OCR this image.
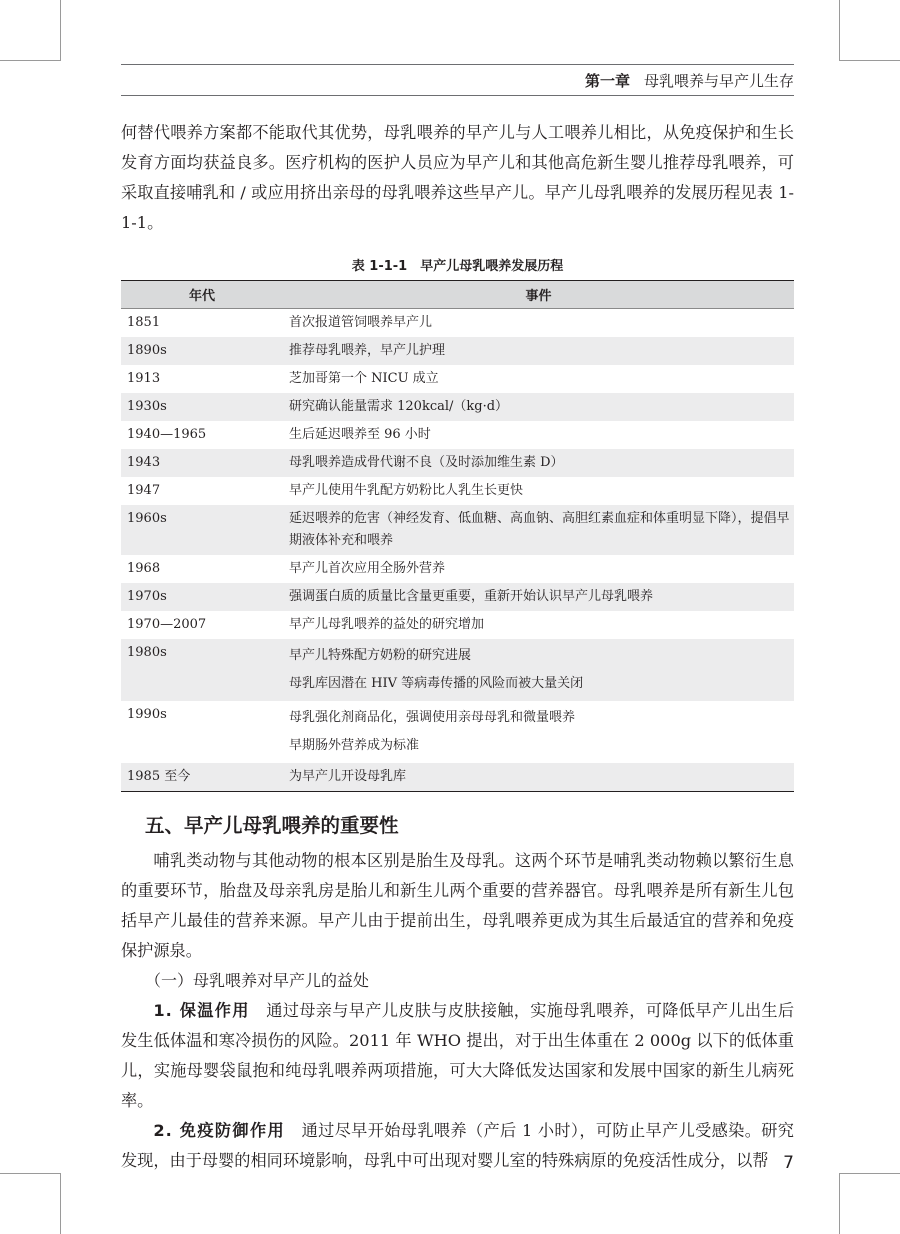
第一章 母乳喂养与早产儿生存

何替代喂养方案都不能取代其优势，母乳喂养的早产儿与人工喂养儿相比，从免疫保护和生长发育方面均获益良多。医疗机构的医护人员应为早产儿和其他高危新生婴儿推荐母乳喂养，可采取直接哺乳和 / 或应用挤出亲母的母乳喂养这些早产儿。早产儿母乳喂养的发展历程见表 1-1-1。

表 1-1-1　早产儿母乳喂养发展历程
年代	事件
1851	首次报道管饲喂养早产儿

1890s	推荐母乳喂养，早产儿护理

1913	芝加哥第一个 NICU 成立

1930s	研究确认能量需求 120kcal/（kg·d）

1940—1965	生后延迟喂养至 96 小时

1943	母乳喂养造成骨代谢不良（及时添加维生素 D）

1947	早产儿使用牛乳配方奶粉比人乳生长更快

1960s	延迟喂养的危害（神经发育、低血糖、高血钠、高胆红素血症和体重明显下降），提倡早期液体补充和喂养

1968	早产儿首次应用全肠外营养

1970s	强调蛋白质的质量比含量更重要，重新开始认识早产儿母乳喂养

1970—2007	早产儿母乳喂养的益处的研究增加

1980s	早产儿特殊配方奶粉的研究进展
母乳库因潜在 HIV 等病毒传播的风险而被大量关闭

1990s	母乳强化剂商品化，强调使用亲母母乳和微量喂养
早期肠外营养成为标准

1985 至今	为早产儿开设母乳库
五、早产儿母乳喂养的重要性

哺乳类动物与其他动物的根本区别是胎生及母乳。这两个环节是哺乳类动物赖以繁衍生息的重要环节，胎盘及母亲乳房是胎儿和新生儿两个重要的营养器官。母乳喂养是所有新生儿包括早产儿最佳的营养来源。早产儿由于提前出生，母乳喂养更成为其生后最适宜的营养和免疫保护源泉。

（一）母乳喂养对早产儿的益处

1. 保温作用　 通过母亲与早产儿皮肤与皮肤接触，实施母乳喂养，可降低早产儿出生后发生低体温和寒冷损伤的风险。2011 年 WHO 提出，对于出生体重在 2 000g 以下的低体重儿，实施母婴袋鼠抱和纯母乳喂养两项措施，可大大降低发达国家和发展中国家的新生儿病死率。

2. 免疫防御作用　 通过尽早开始母乳喂养（产后 1 小时），可防止早产儿受感染。研究发现，由于母婴的相同环境影响，母乳中可出现对婴儿室的特殊病原的免疫活性成分，以帮 7
